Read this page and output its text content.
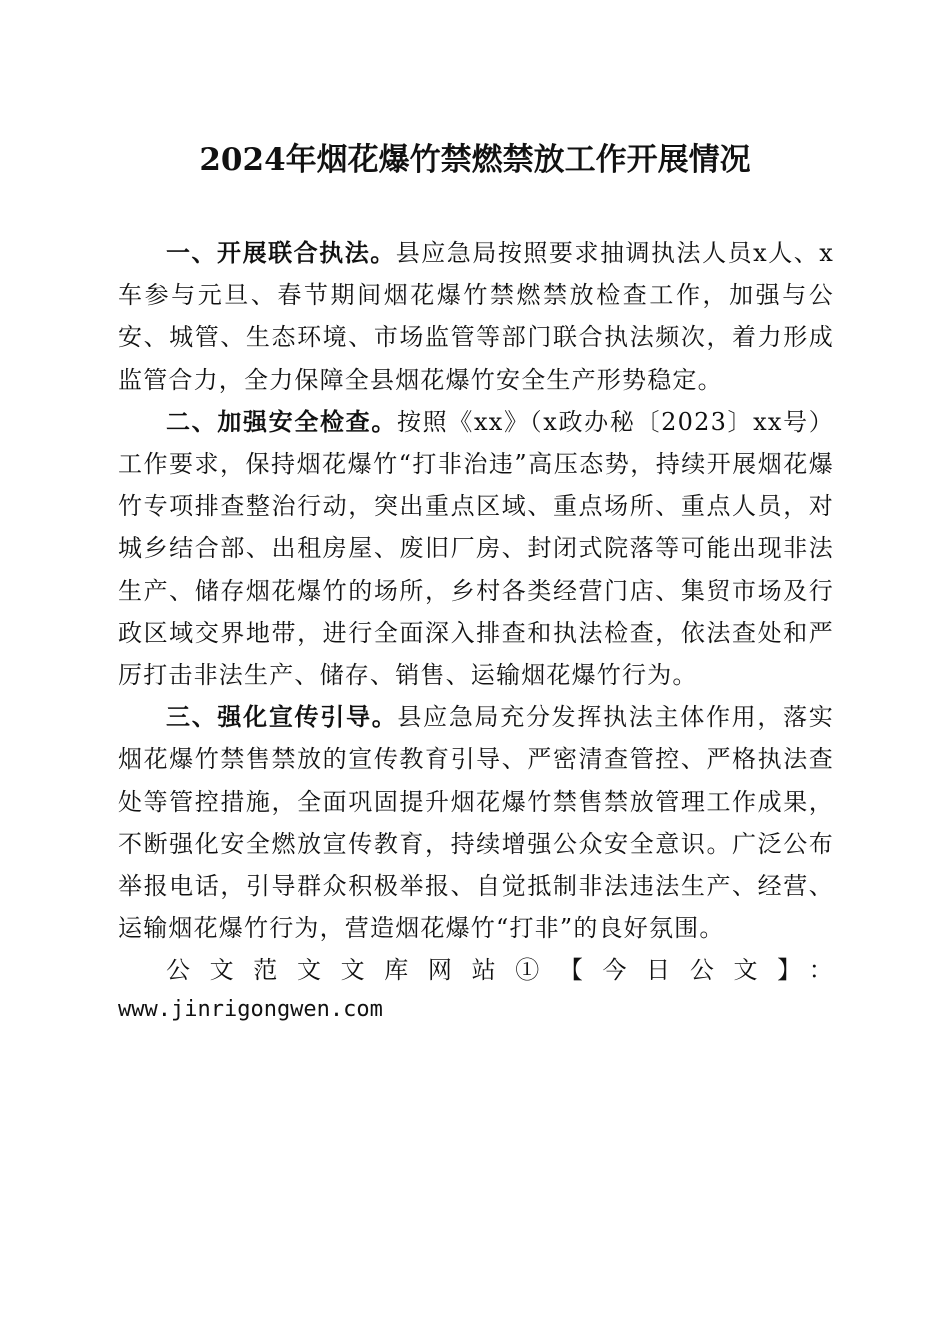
2024年烟花爆竹禁燃禁放工作开展情况

一、开展联合执法。县应急局按照要求抽调执法人员x人、x车参与元旦、春节期间烟花爆竹禁燃禁放检查工作，加强与公安、城管、生态环境、市场监管等部门联合执法频次，着力形成监管合力，全力保障全县烟花爆竹安全生产形势稳定。

二、加强安全检查。按照《xx》（x政办秘〔2023〕xx号）工作要求，保持烟花爆竹“打非治违”高压态势，持续开展烟花爆竹专项排查整治行动，突出重点区域、重点场所、重点人员，对城乡结合部、出租房屋、废旧厂房、封闭式院落等可能出现非法生产、储存烟花爆竹的场所，乡村各类经营门店、集贸市场及行政区域交界地带，进行全面深入排查和执法检查，依法查处和严厉打击非法生产、储存、销售、运输烟花爆竹行为。

三、强化宣传引导。县应急局充分发挥执法主体作用，落实烟花爆竹禁售禁放的宣传教育引导、严密清查管控、严格执法查处等管控措施，全面巩固提升烟花爆竹禁售禁放管理工作成果，不断强化安全燃放宣传教育，持续增强公众安全意识。广泛公布举报电话，引导群众积极举报、自觉抵制非法违法生产、经营、运输烟花爆竹行为，营造烟花爆竹“打非”的良好氛围。

公文范文文库网站①【今日公文】：

www.jinrigongwen.com
